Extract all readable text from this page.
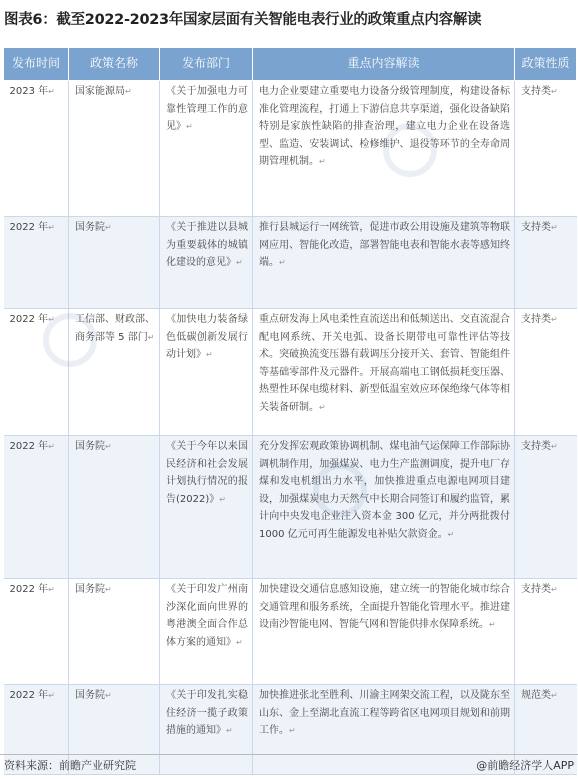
图表6：截至2022-2023年国家层面有关智能电表行业的政策重点内容解读
发布时间	政策名称	发布部门	重点内容解读	政策性质
2023 年↵	国家能源局↵	《关于加强电力可靠性管理工作的意见》↵	电力企业要建立重要电力设备分级管理制度，构建设备标准化管理流程，打通上下游信息共享渠道，强化设备缺陷特别是家族性缺陷的排查治理，建立电力企业在设备选型、监造、安装调试、检修维护、退役等环节的全寿命周期管理机制。↵	支持类↵
2022 年↵	国务院↵	《关于推进以县城为重要载体的城镇化建设的意见》↵	推行县城运行一网统管，促进市政公用设施及建筑等物联网应用、智能化改造，部署智能电表和智能水表等感知终端。↵	支持类↵
2022 年↵	工信部、财政部、商务部等 5 部门↵	《加快电力装备绿色低碳创新发展行动计划》↵	重点研发海上风电柔性直流送出和低频送出、交直流混合配电网系统、开关电弧、设备长期带电可靠性评估等技术。突破换流变压器有载调压分接开关、套管、智能组件等基础零部件及元器件。开展高端电工钢低损耗变压器、热塑性环保电缆材料、新型低温室效应环保绝缘气体等相关装备研制。↵	支持类↵
2022 年↵	国务院↵	《关于今年以来国民经济和社会发展计划执行情况的报告(2022)》↵	充分发挥宏观政策协调机制、煤电油气运保障工作部际协调机制作用，加强煤炭、电力生产监测调度，提升电厂存煤和发电机组出力水平，加快推进重点电源电网项目建设，加强煤炭电力天然气中长期合同签订和履约监管，累计向中央发电企业注入资本金 300 亿元，并分两批拨付 1000 亿元可再生能源发电补贴欠款资金。↵	支持类↵
2022 年↵	国务院↵	《关于印发广州南沙深化面向世界的粤港澳全面合作总体方案的通知》↵	加快建设交通信息感知设施，建立统一的智能化城市综合交通管理和服务系统，全面提升智能化管理水平。推进建设南沙智能电网、智能气网和智能供排水保障系统。↵	支持类↵
2022 年↵	国务院↵	《关于印发扎实稳住经济一揽子政策措施的通知》↵	加快推进张北至胜利、川渝主网架交流工程，以及陇东至山东、金上至湖北直流工程等跨省区电网项目规划和前期工作。↵	规范类↵
资料来源：前瞻产业研究院	@前瞻经济学人APP
